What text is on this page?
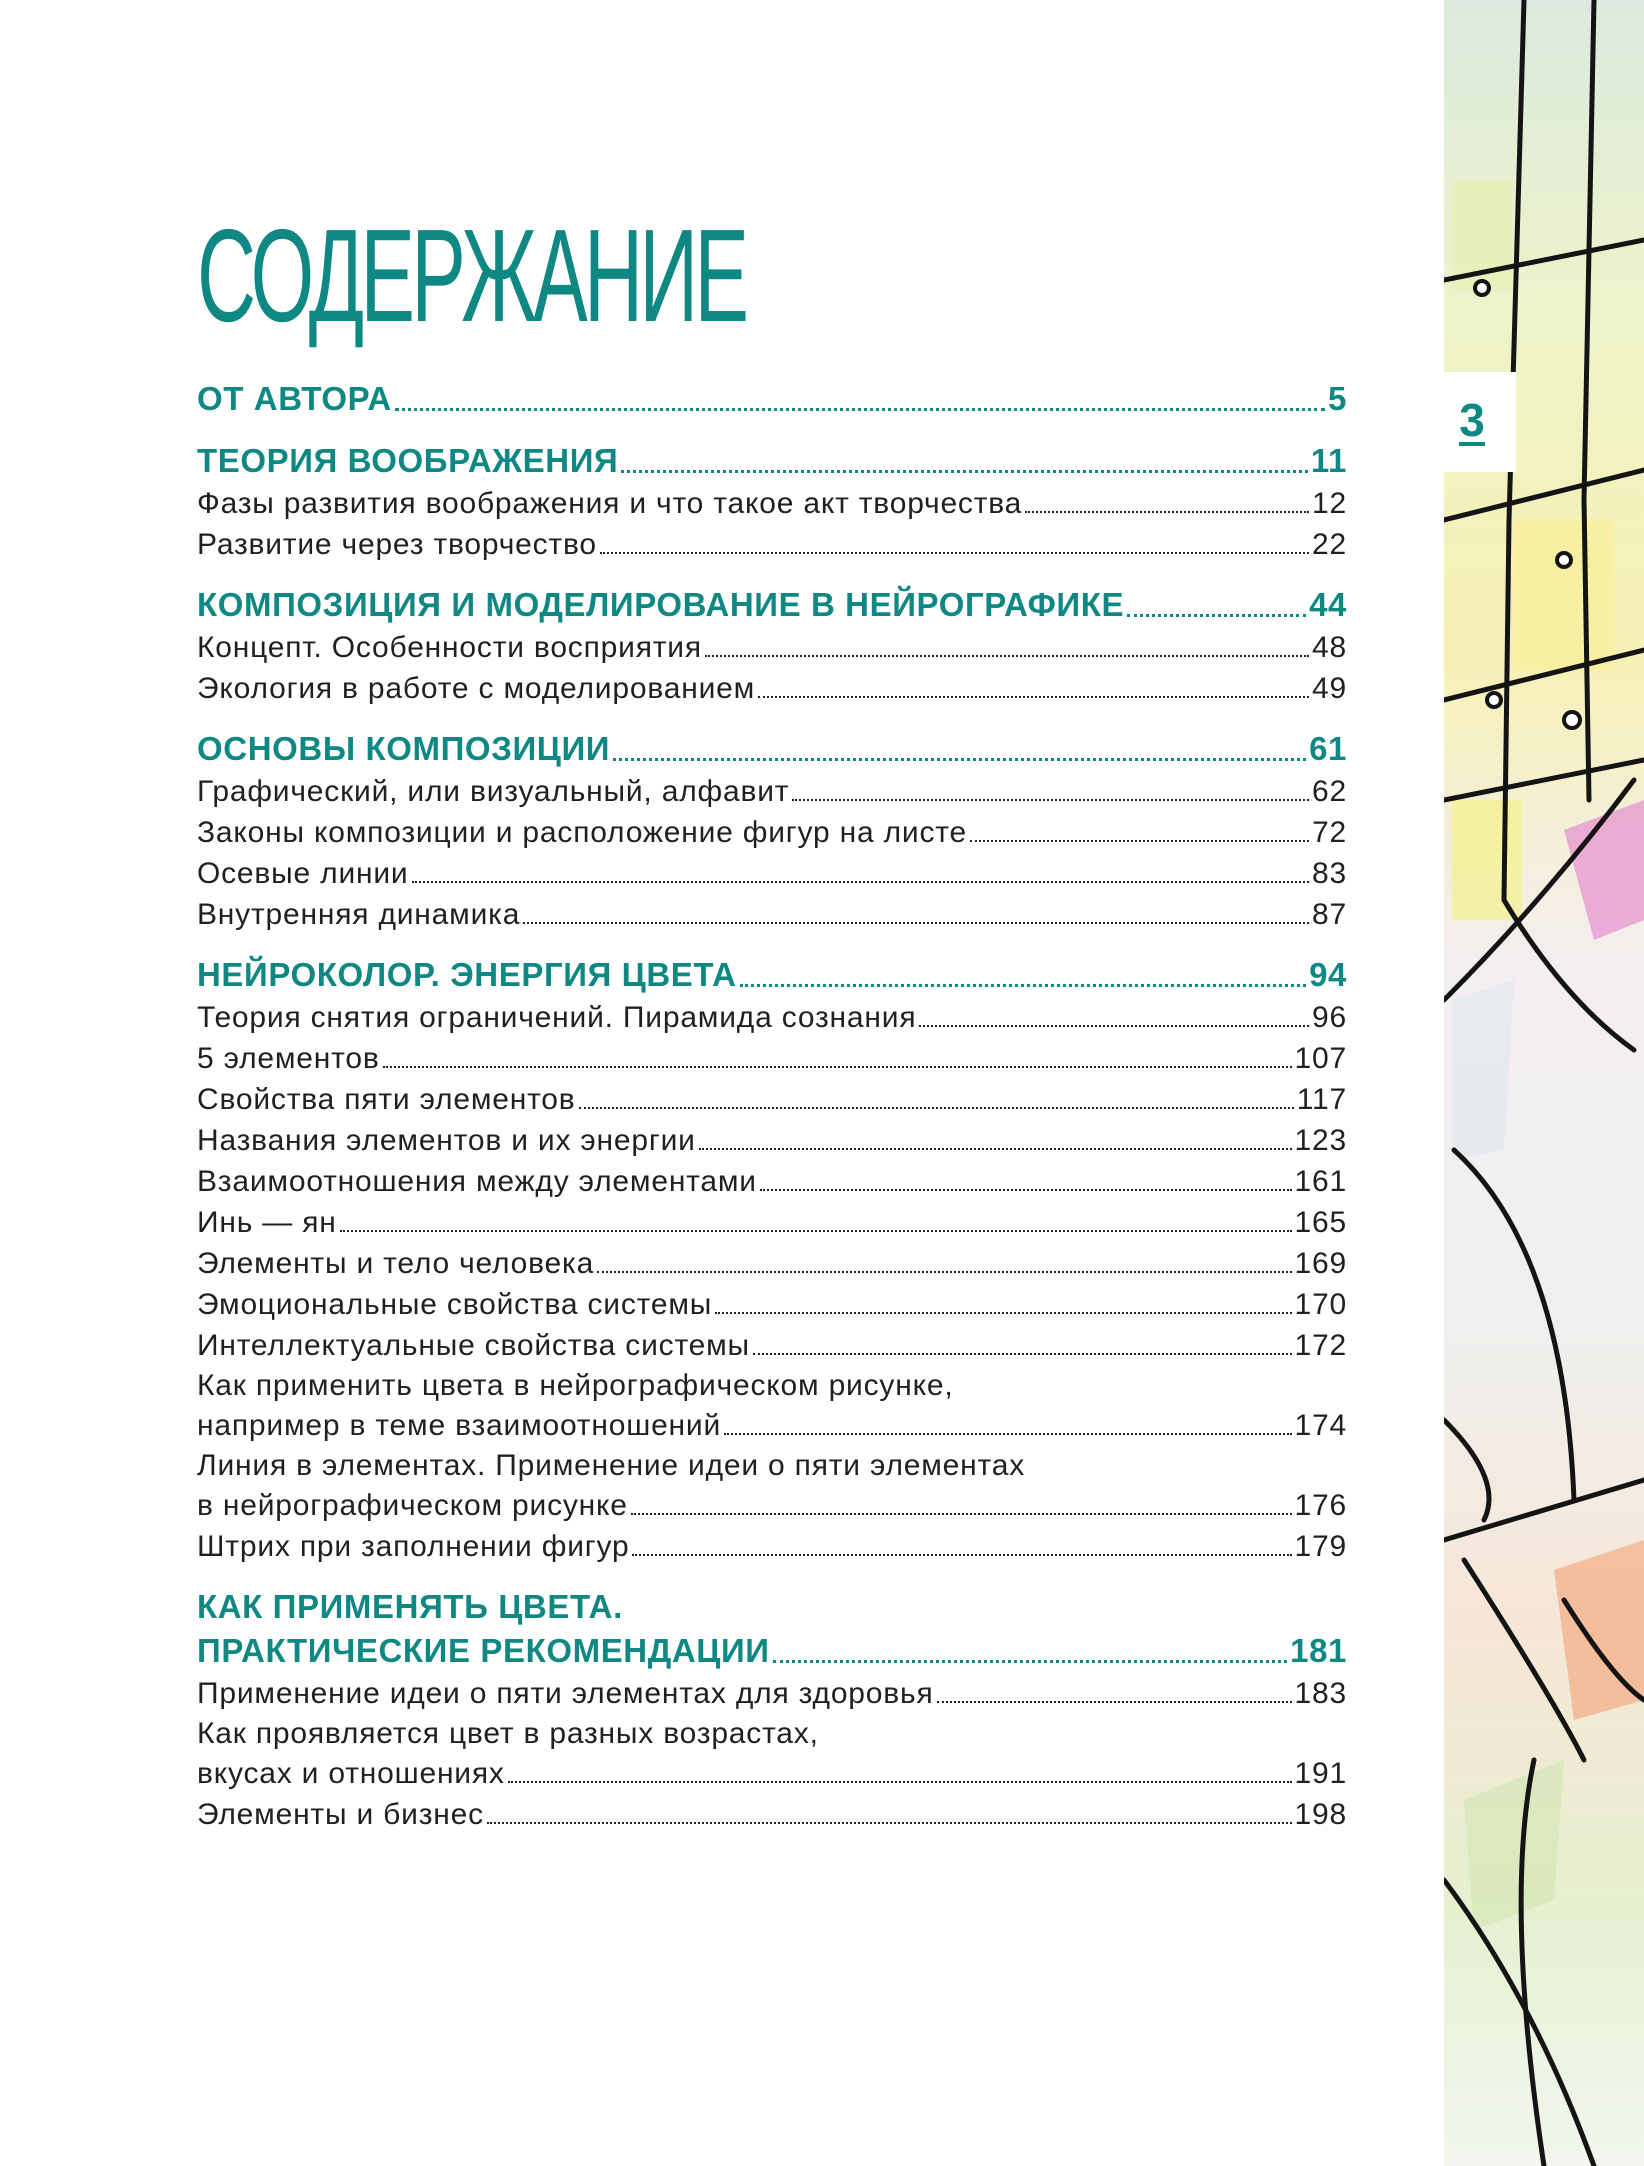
3
СОДЕРЖАНИЕ
ОТ АВТОРА	5
ТЕОРИЯ ВООБРАЖЕНИЯ	11
Фазы развития воображения и что такое акт творчества	12
Развитие через творчество	22
КОМПОЗИЦИЯ И МОДЕЛИРОВАНИЕ В НЕЙРОГРАФИКЕ	44
Концепт. Особенности восприятия	48
Экология в работе с моделированием	49
ОСНОВЫ КОМПОЗИЦИИ	61
Графический, или визуальный, алфавит	62
Законы композиции и расположение фигур на листе	72
Осевые линии	83
Внутренняя динамика	87
НЕЙРОКОЛОР. ЭНЕРГИЯ ЦВЕТА	94
Теория снятия ограничений. Пирамида сознания	96
5 элементов	107
Свойства пяти элементов	117
Названия элементов и их энергии	123
Взаимоотношения между элементами	161
Инь — ян	165
Элементы и тело человека	169
Эмоциональные свойства системы	170
Интеллектуальные свойства системы	172
Как применить цвета в нейрографическом рисунке,
например в теме взаимоотношений	174
Линия в элементах. Применение идеи о пяти элементах
в нейрографическом рисунке	176
Штрих при заполнении фигур	179
КАК ПРИМЕНЯТЬ ЦВЕТА.
ПРАКТИЧЕСКИЕ РЕКОМЕНДАЦИИ	181
Применение идеи о пяти элементах для здоровья	183
Как проявляется цвет в разных возрастах,
вкусах и отношениях	191
Элементы и бизнес	198
